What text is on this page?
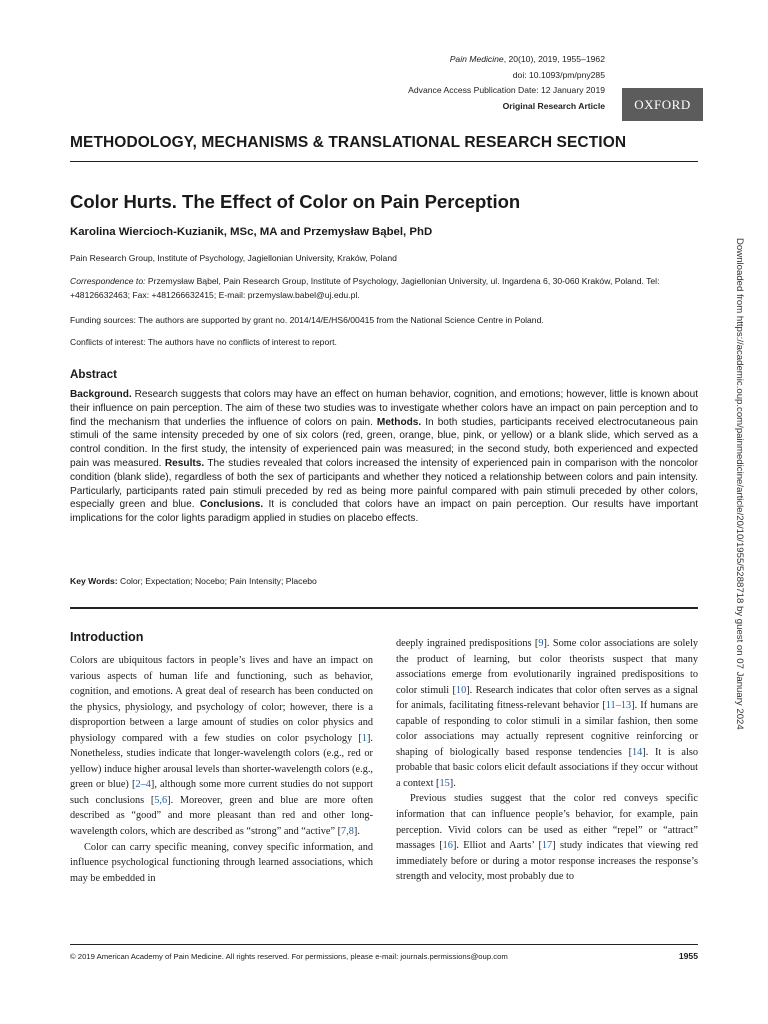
Pain Medicine, 20(10), 2019, 1955–1962
doi: 10.1093/pm/pny285
Advance Access Publication Date: 12 January 2019
Original Research Article	OXFORD
METHODOLOGY, MECHANISMS & TRANSLATIONAL RESEARCH SECTION
Color Hurts. The Effect of Color on Pain Perception
Karolina Wiercioch-Kuzianik, MSc, MA and Przemysław Bąbel, PhD
Pain Research Group, Institute of Psychology, Jagiellonian University, Kraków, Poland
Correspondence to: Przemysław Bąbel, Pain Research Group, Institute of Psychology, Jagiellonian University, ul. Ingardena 6, 30-060 Kraków, Poland. Tel: +48126632463; Fax: +481266632415; E-mail: przemyslaw.babel@uj.edu.pl.
Funding sources: The authors are supported by grant no. 2014/14/E/HS6/00415 from the National Science Centre in Poland.
Conflicts of interest: The authors have no conflicts of interest to report.
Abstract
Background. Research suggests that colors may have an effect on human behavior, cognition, and emotions; however, little is known about their influence on pain perception. The aim of these two studies was to investigate whether colors have an impact on pain perception and to find the mechanism that underlies the influence of colors on pain. Methods. In both studies, participants received electrocutaneous pain stimuli of the same intensity preceded by one of six colors (red, green, orange, blue, pink, or yellow) or a blank slide, which served as a control condition. In the first study, the intensity of experienced pain was measured; in the second study, both experienced and expected pain was measured. Results. The studies revealed that colors increased the intensity of experienced pain in comparison with the noncolor condition (blank slide), regardless of both the sex of participants and whether they noticed a relationship between colors and pain intensity. Particularly, participants rated pain stimuli preceded by red as being more painful compared with pain stimuli preceded by other colors, especially green and blue. Conclusions. It is concluded that colors have an impact on pain perception. Our results have important implications for the color lights paradigm applied in studies on placebo effects.
Key Words: Color; Expectation; Nocebo; Pain Intensity; Placebo
Introduction

Colors are ubiquitous factors in people’s lives and have an impact on various aspects of human life and functioning, such as behavior, cognition, and emotions. A great deal of research has been conducted on the physics, physiology, and psychology of color; however, there is a disproportion between a large amount of studies on color physics and physiology compared with a few studies on color psychology [1]. Nonetheless, studies indicate that longer-wavelength colors (e.g., red or yellow) induce higher arousal levels than shorter-wavelength colors (e.g., green or blue) [2–4], although some more current studies do not support such conclusions [5,6]. Moreover, green and blue are more often described as “good” and more pleasant than red and other long-wavelength colors, which are described as “strong” and “active” [7,8].

Color can carry specific meaning, convey specific information, and influence psychological functioning through learned associations, which may be embedded in

deeply ingrained predispositions [9]. Some color associations are solely the product of learning, but color theorists suspect that many associations emerge from evolutionarily ingrained predispositions to color stimuli [10]. Research indicates that color often serves as a signal for animals, facilitating fitness-relevant behavior [11–13]. If humans are capable of responding to color stimuli in a similar fashion, then some color associations may actually represent cognitive reinforcing or shaping of biologically based response tendencies [14]. It is also probable that basic colors elicit default associations if they occur without a context [15].

Previous studies suggest that the color red conveys specific information that can influence people’s behavior, for example, pain perception. Vivid colors can be used as either “repel” or “attract” massages [16]. Elliot and Aarts’ [17] study indicates that viewing red immediately before or during a motor response increases the response’s strength and velocity, most probably due to

© 2019 American Academy of Pain Medicine. All rights reserved. For permissions, please e-mail: journals.permissions@oup.com	1955
Downloaded from https://academic.oup.com/painmedicine/article/20/10/1955/5288718 by guest on 07 January 2024
